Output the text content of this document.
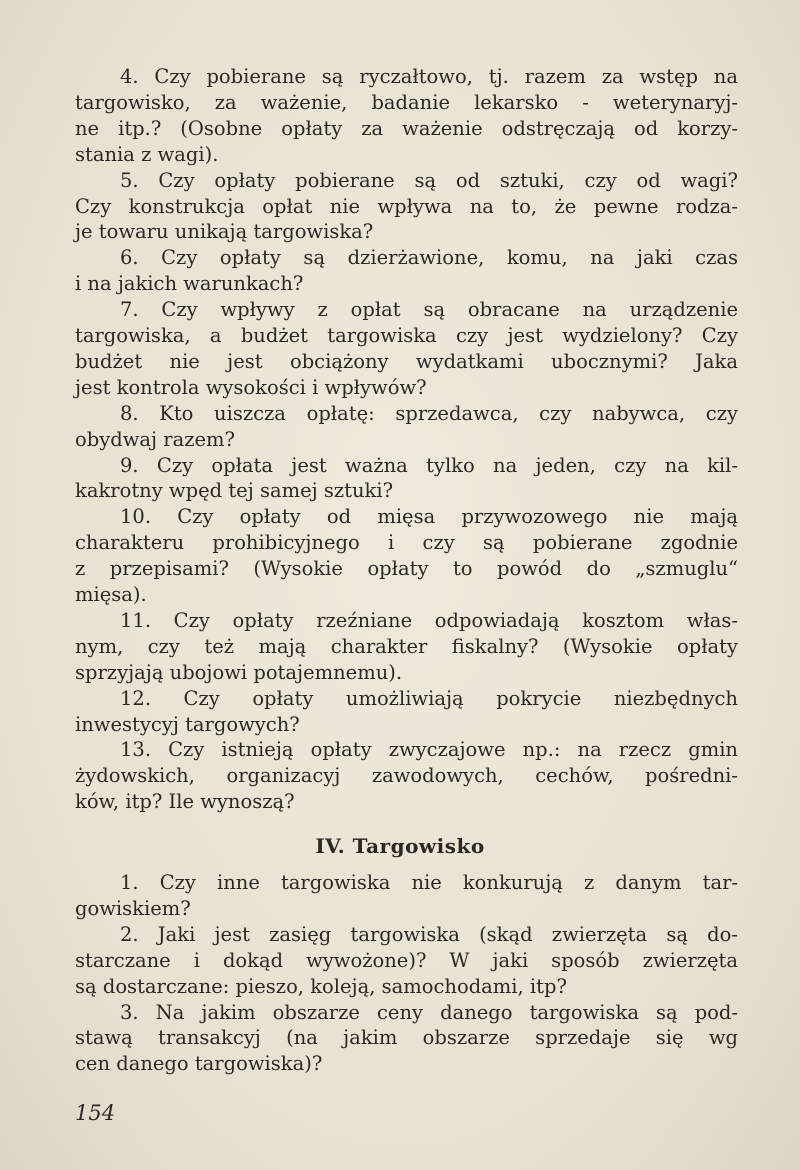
4. Czy pobierane są ryczałtowo, tj. razem za wstęp na
targowisko, za ważenie, badanie lekarsko - weterynaryj-
ne itp.? (Osobne opłaty za ważenie odstręczają od korzy-
stania z wagi).
5. Czy opłaty pobierane są od sztuki, czy od wagi?
Czy konstrukcja opłat nie wpływa na to, że pewne rodza-
je towaru unikają targowiska?
6. Czy opłaty są dzierżawione, komu, na jaki czas
i na jakich warunkach?
7. Czy wpływy z opłat są obracane na urządzenie
targowiska, a budżet targowiska czy jest wydzielony? Czy
budżet nie jest obciążony wydatkami ubocznymi? Jaka
jest kontrola wysokości i wpływów?
8. Kto uiszcza opłatę: sprzedawca, czy nabywca, czy
obydwaj razem?
9. Czy opłata jest ważna tylko na jeden, czy na kil-
kakrotny wpęd tej samej sztuki?
10. Czy opłaty od mięsa przywozowego nie mają
charakteru prohibicyjnego i czy są pobierane zgodnie
z przepisami? (Wysokie opłaty to powód do „szmuglu“
mięsa).
11. Czy opłaty rzeźniane odpowiadają kosztom włas-
nym, czy też mają charakter fiskalny? (Wysokie opłaty
sprzyjają ubojowi potajemnemu).
12. Czy opłaty umożliwiają pokrycie niezbędnych
inwestycyj targowych?
13. Czy istnieją opłaty zwyczajowe np.: na rzecz gmin
żydowskich, organizacyj zawodowych, cechów, pośredni-
ków, itp? Ile wynoszą?
IV. Targowisko
1. Czy inne targowiska nie konkurują z danym tar-
gowiskiem?
2. Jaki jest zasięg targowiska (skąd zwierzęta są do-
starczane i dokąd wywożone)? W jaki sposób zwierzęta
są dostarczane: pieszo, koleją, samochodami, itp?
3. Na jakim obszarze ceny danego targowiska są pod-
stawą transakcyj (na jakim obszarze sprzedaje się wg
cen danego targowiska)?
154
